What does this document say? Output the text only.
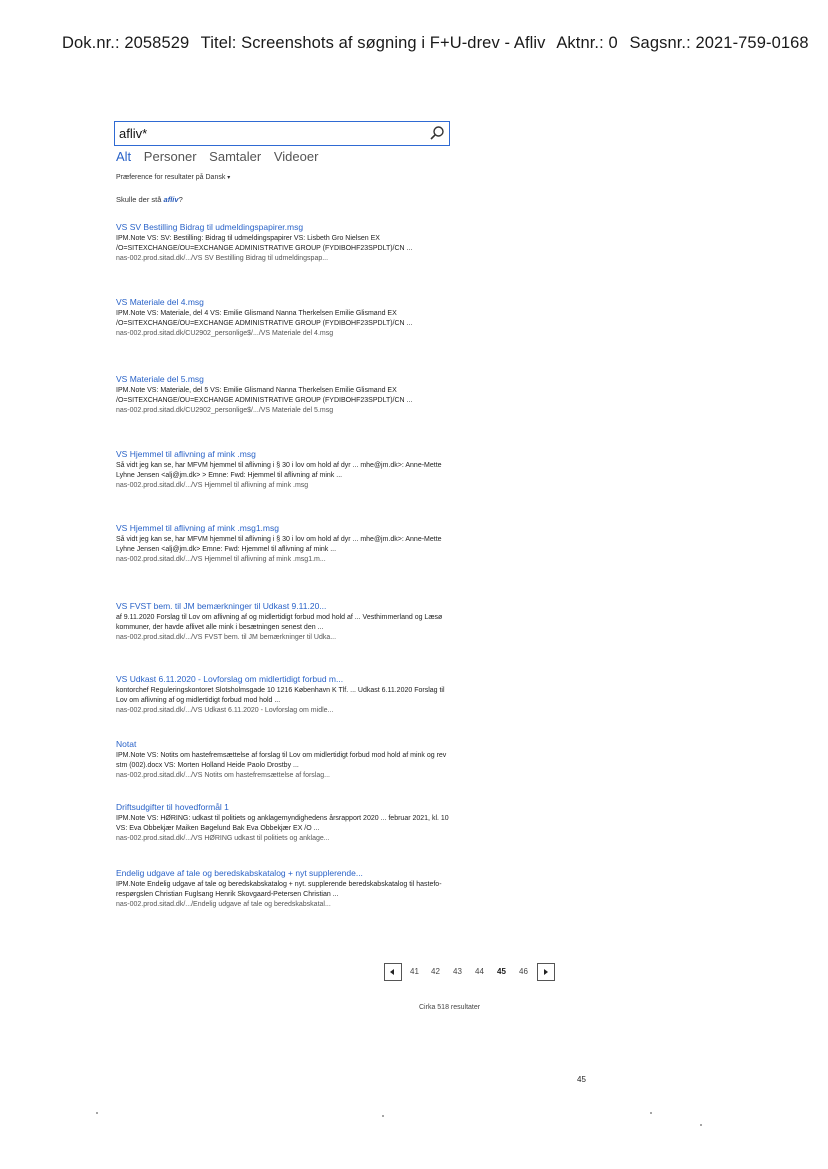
Dok.nr.: 2058529 Titel: Screenshots af søgning i F+U-drev - Afliv Aktnr.: 0 Sagsnr.: 2021-759-0168
afliv*
Alt Personer Samtaler Videoer
Præference for resultater på Dansk ▾
Skulle der stå afliv?
VS SV Bestilling Bidrag til udmeldingspapirer.msg
IPM.Note VS: SV: Bestilling: Bidrag til udmeldingspapirer VS: Lisbeth Gro Nielsen EX /O=SITEXCHANGE/OU=EXCHANGE ADMINISTRATIVE GROUP (FYDIBOHF23SPDLT)/CN ...
nas-002.prod.sitad.dk/.../VS SV Bestilling Bidrag til udmeldingspap...
VS Materiale del 4.msg
IPM.Note VS: Materiale, del 4 VS: Emilie Glismand Nanna Therkelsen Emilie Glismand EX /O=SITEXCHANGE/OU=EXCHANGE ADMINISTRATIVE GROUP (FYDIBOHF23SPDLT)/CN ...
nas-002.prod.sitad.dk/CU2902_personlige$/.../VS Materiale del 4.msg
VS Materiale del 5.msg
IPM.Note VS: Materiale, del 5 VS: Emilie Glismand Nanna Therkelsen Emilie Glismand EX /O=SITEXCHANGE/OU=EXCHANGE ADMINISTRATIVE GROUP (FYDIBOHF23SPDLT)/CN ...
nas-002.prod.sitad.dk/CU2902_personlige$/.../VS Materiale del 5.msg
VS Hjemmel til aflivning af mink .msg
Så vidt jeg kan se, har MFVM hjemmel til aflivning i § 30 i lov om hold af dyr ... mhe@jm.dk>: Anne-Mette Lyhne Jensen <alj@jm.dk> > Emne: Fwd: Hjemmel til aflivning af mink ...
nas-002.prod.sitad.dk/.../VS Hjemmel til aflivning af mink .msg
VS Hjemmel til aflivning af mink .msg1.msg
Så vidt jeg kan se, har MFVM hjemmel til aflivning i § 30 i lov om hold af dyr ... mhe@jm.dk>: Anne-Mette Lyhne Jensen <alj@jm.dk> Emne: Fwd: Hjemmel til aflivning af mink ...
nas-002.prod.sitad.dk/.../VS Hjemmel til aflivning af mink .msg1.m...
VS FVST bem. til JM bemærkninger til Udkast 9.11.20...
af 9.11.2020 Forslag til Lov om aflivning af og midlertidigt forbud mod hold af ... Vesthimmerland og Læsø kommuner, der havde aflivet alle mink i besætningen senest den ...
nas-002.prod.sitad.dk/.../VS FVST bem. til JM bemærkninger til Udka...
VS Udkast 6.11.2020 - Lovforslag om midlertidigt forbud m...
kontorchef Reguleringskontoret Slotsholmsgade 10 1216 København K Tlf. ... Udkast 6.11.2020 Forslag til Lov om aflivning af og midlertidigt forbud mod hold ...
nas-002.prod.sitad.dk/.../VS Udkast 6.11.2020 - Lovforslag om midle...
Notat
IPM.Note VS: Notits om hastefremsættelse af forslag til Lov om midlertidigt forbud mod hold af mink og rev stm (002).docx VS: Morten Holland Heide Paolo Drostby ...
nas-002.prod.sitad.dk/.../VS Notits om hastefremsættelse af forslag...
Driftsudgifter til hovedformål 1
IPM.Note VS: HØRING: udkast til politiets og anklagemyndighedens årsrapport 2020 ... februar 2021, kl. 10 VS: Eva Obbekjær Maiken Bøgelund Bak Eva Obbekjær EX /O ...
nas-002.prod.sitad.dk/.../VS HØRING udkast til politiets og anklage...
Endelig udgave af tale og beredskabskatalog + nyt supplerende...
IPM.Note Endelig udgave af tale og beredskabskatalog + nyt. supplerende beredskabskatalog til hasteforespørgslen Christian Fuglsang Henrik Skovgaard-Petersen Christian ...
nas-002.prod.sitad.dk/.../Endelig udgave af tale og beredskabskatal...
41 42 43 44 45 46
Cirka 518 resultater
45
